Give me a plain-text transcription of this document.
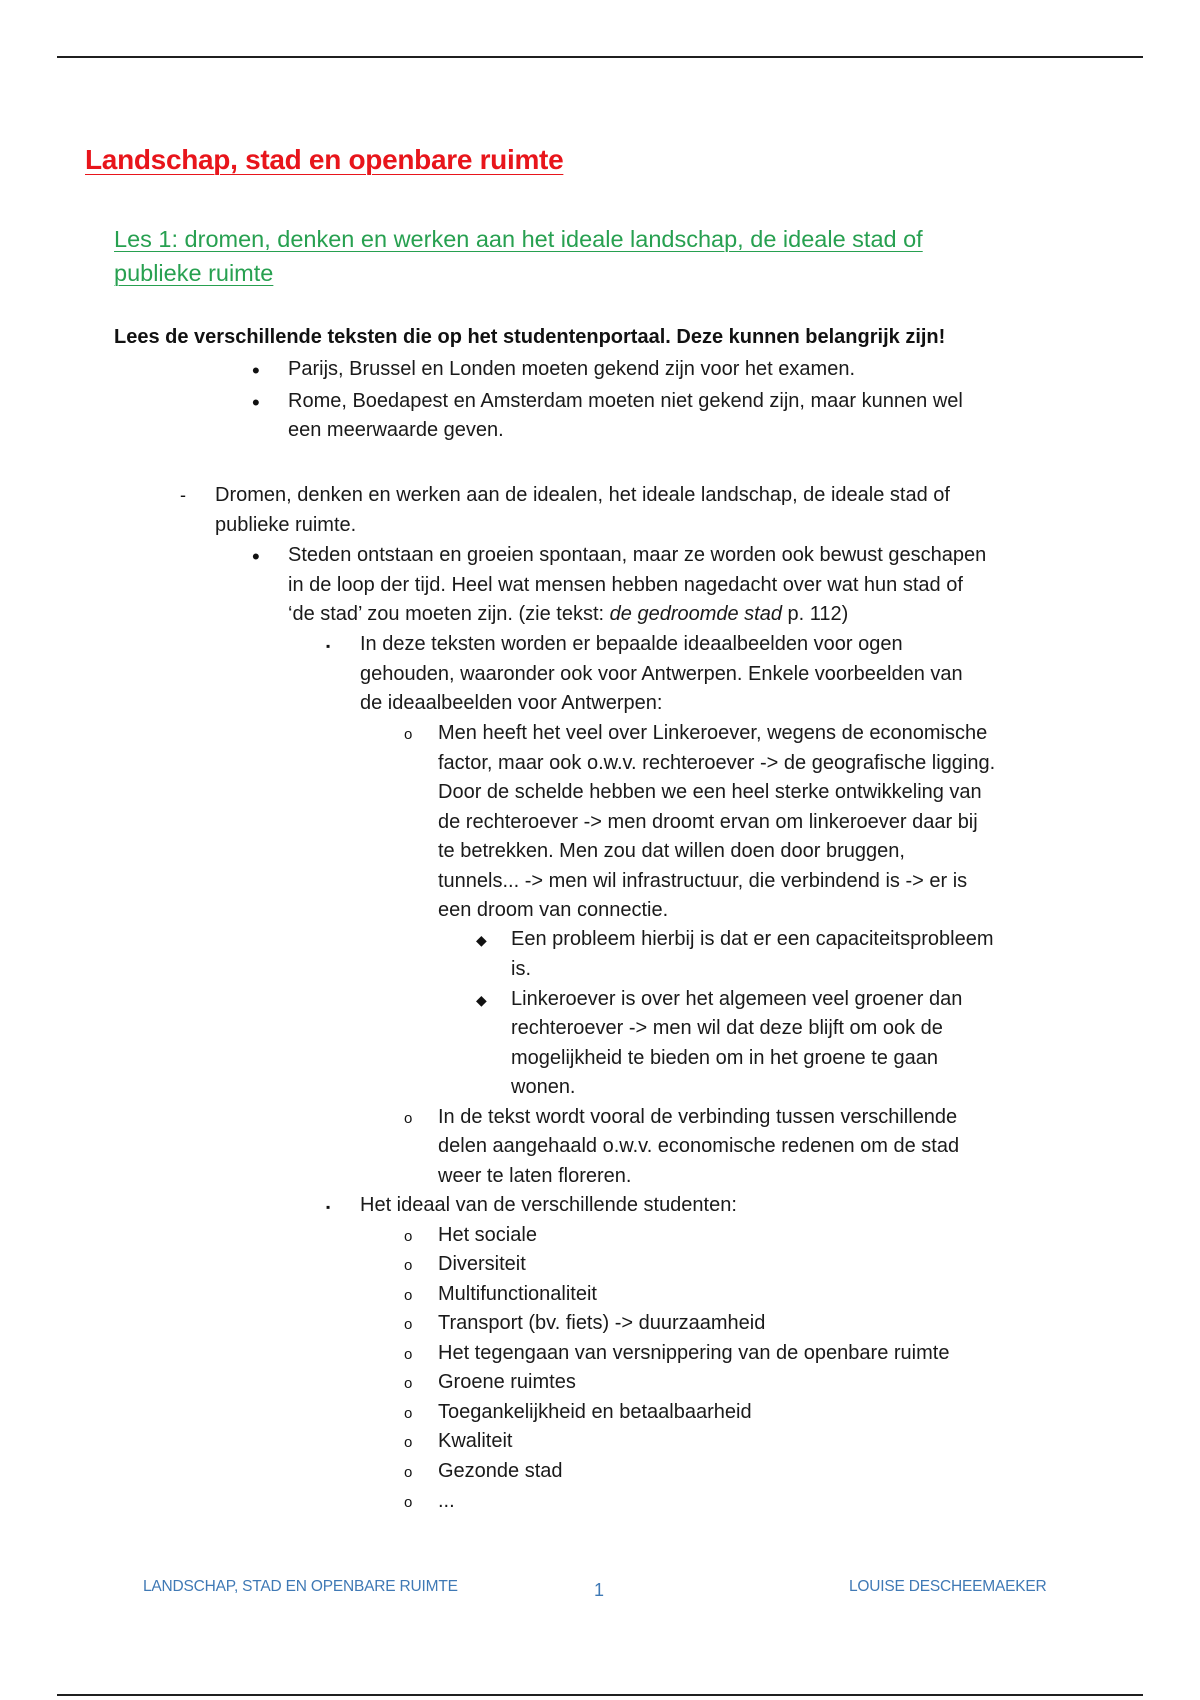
Landschap, stad en openbare ruimte
Les 1: dromen, denken en werken aan het ideale landschap, de ideale stad of
publieke ruimte

Lees de verschillende teksten die op het studentenportaal. Deze kunnen belangrijk zijn!

• Parijs, Brussel en Londen moeten gekend zijn voor het examen.
• Rome, Boedapest en Amsterdam moeten niet gekend zijn, maar kunnen wel
een meerwaarde geven.
- Dromen, denken en werken aan de idealen, het ideale landschap, de ideale stad of
publieke ruimte.
• Steden ontstaan en groeien spontaan, maar ze worden ook bewust geschapen
in de loop der tijd. Heel wat mensen hebben nagedacht over wat hun stad of
‘de stad’ zou moeten zijn. (zie tekst: de gedroomde stad p. 112)
▪ In deze teksten worden er bepaalde ideaalbeelden voor ogen
gehouden, waaronder ook voor Antwerpen. Enkele voorbeelden van
de ideaalbeelden voor Antwerpen:
o Men heeft het veel over Linkeroever, wegens de economische
factor, maar ook o.w.v. rechteroever -> de geografische ligging.
Door de schelde hebben we een heel sterke ontwikkeling van
de rechteroever -> men droomt ervan om linkeroever daar bij
te betrekken. Men zou dat willen doen door bruggen,
tunnels... -> men wil infrastructuur, die verbindend is -> er is
een droom van connectie.
◆ Een probleem hierbij is dat er een capaciteitsprobleem
is.
◆ Linkeroever is over het algemeen veel groener dan
rechteroever -> men wil dat deze blijft om ook de
mogelijkheid te bieden om in het groene te gaan
wonen.
o In de tekst wordt vooral de verbinding tussen verschillende
delen aangehaald o.w.v. economische redenen om de stad
weer te laten floreren.
▪ Het ideaal van de verschillende studenten:
o Het sociale
o Diversiteit
o Multifunctionaliteit
o Transport (bv. fiets) -> duurzaamheid
o Het tegengaan van versnippering van de openbare ruimte
o Groene ruimtes
o Toegankelijkheid en betaalbaarheid
o Kwaliteit
o Gezonde stad
o ...
LANDSCHAP, STAD EN OPENBARE RUIMTE	1	LOUISE DESCHEEMAEKER
